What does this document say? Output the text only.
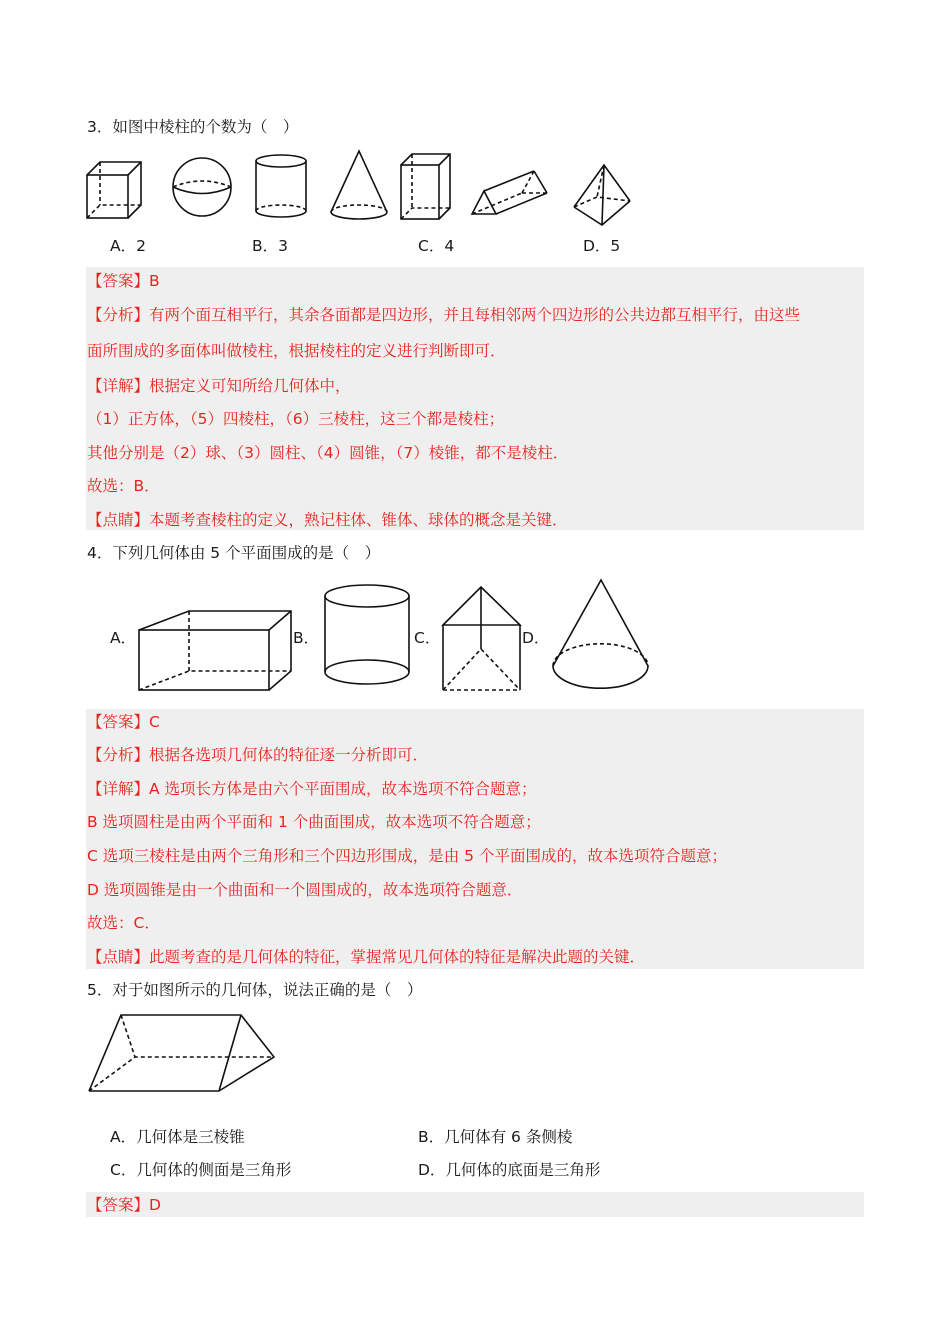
3．如图中棱柱的个数为（　）
A．2	B．3	C．4	D．5
【答案】B
【分析】有两个面互相平行，其余各面都是四边形，并且每相邻两个四边形的公共边都互相平行，由这些
面所围成的多面体叫做棱柱，根据棱柱的定义进行判断即可．
【详解】根据定义可知所给几何体中，
（1）正方体，（5）四棱柱，（6）三棱柱，这三个都是棱柱；
其他分别是（2）球、（3）圆柱、（4）圆锥，（7）棱锥，都不是棱柱．
故选：B．
【点睛】本题考查棱柱的定义，熟记柱体、锥体、球体的概念是关键．
4．下列几何体由 5 个平面围成的是（　）
A．	B．	C．	D．
【答案】C
【分析】根据各选项几何体的特征逐一分析即可．
【详解】A 选项长方体是由六个平面围成，故本选项不符合题意；
B 选项圆柱是由两个平面和 1 个曲面围成，故本选项不符合题意；
C 选项三棱柱是由两个三角形和三个四边形围成，是由 5 个平面围成的，故本选项符合题意；
D 选项圆锥是由一个曲面和一个圆围成的，故本选项符合题意．
故选：C．
【点睛】此题考查的是几何体的特征，掌握常见几何体的特征是解决此题的关键．
5．对于如图所示的几何体，说法正确的是（　）
A．几何体是三棱锥	B．几何体有 6 条侧棱
C．几何体的侧面是三角形	D．几何体的底面是三角形
【答案】D
